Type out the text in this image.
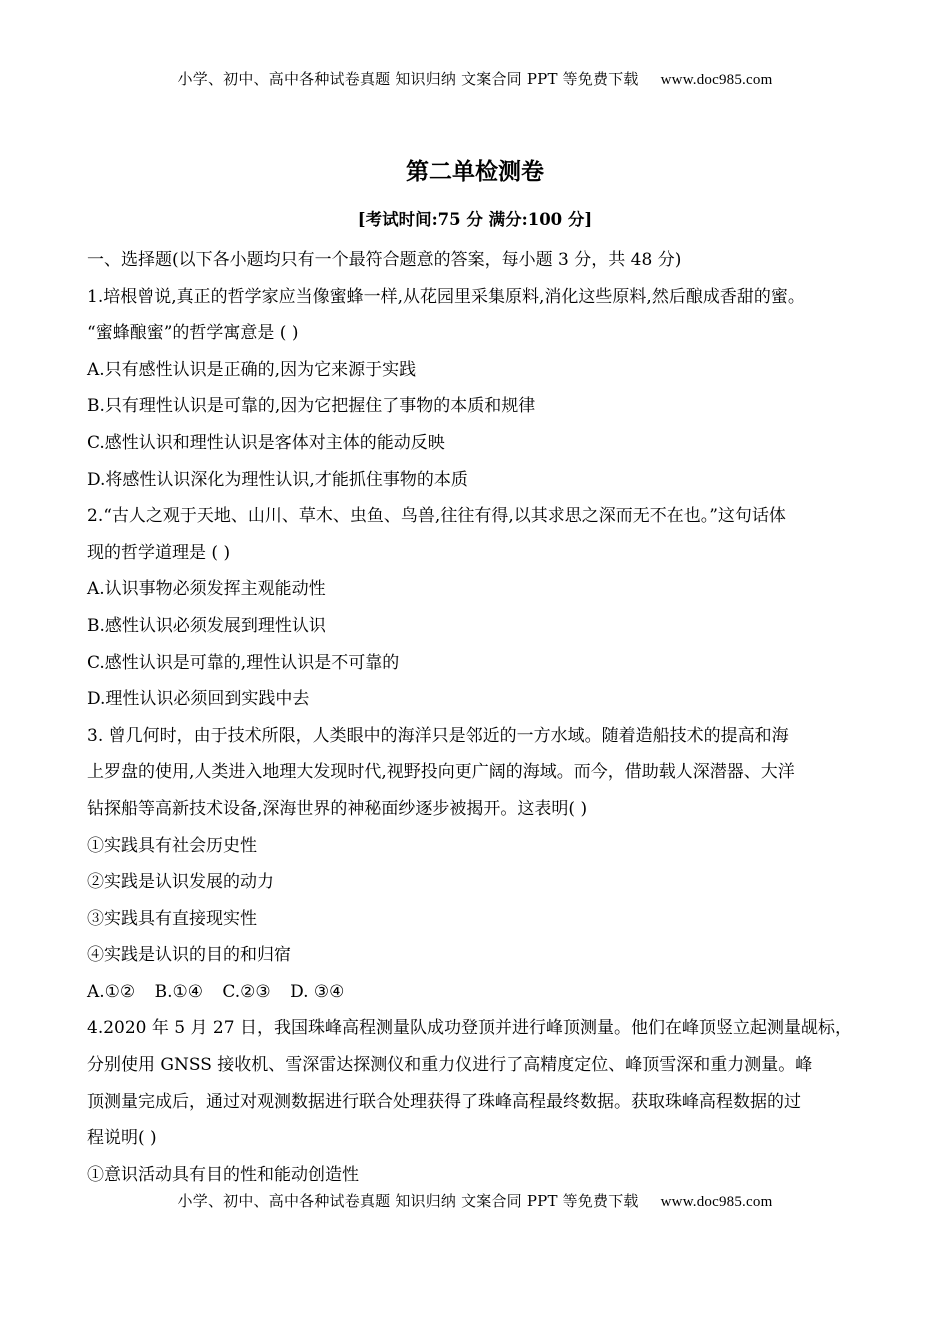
小学、初中、高中各种试卷真题 知识归纳 文案合同 PPT 等免费下载 www.doc985.com
第二单检测卷
[考试时间:75 分 满分:100 分]
一、选择题(以下各小题均只有一个最符合题意的答案，每小题 3 分，共 48 分)
1.培根曾说,真正的哲学家应当像蜜蜂一样,从花园里采集原料,消化这些原料,然后酿成香甜的蜜。
“蜜蜂酿蜜”的哲学寓意是 ( )
A.只有感性认识是正确的,因为它来源于实践
B.只有理性认识是可靠的,因为它把握住了事物的本质和规律
C.感性认识和理性认识是客体对主体的能动反映
D.将感性认识深化为理性认识,才能抓住事物的本质
2.“古人之观于天地、山川、草木、虫鱼、鸟兽,往往有得,以其求思之深而无不在也。”这句话体
现的哲学道理是 ( )
A.认识事物必须发挥主观能动性
B.感性认识必须发展到理性认识
C.感性认识是可靠的,理性认识是不可靠的
D.理性认识必须回到实践中去
3. 曾几何时，由于技术所限，人类眼中的海洋只是邻近的一方水域。随着造船技术的提高和海
上罗盘的使用,人类进入地理大发现时代,视野投向更广阔的海域。而今，借助载人深潜器、大洋
钻探船等高新技术设备,深海世界的神秘面纱逐步被揭开。这表明( )
①实践具有社会历史性
②实践是认识发展的动力
③实践具有直接现实性
④实践是认识的目的和归宿
A.①② B.①④ C.②③ D. ③④
4.2020 年 5 月 27 日，我国珠峰高程测量队成功登顶并进行峰顶测量。他们在峰顶竖立起测量觇标，
分别使用 GNSS 接收机、雪深雷达探测仪和重力仪进行了高精度定位、峰顶雪深和重力测量。峰
顶测量完成后，通过对观测数据进行联合处理获得了珠峰高程最终数据。获取珠峰高程数据的过
程说明( )
①意识活动具有目的性和能动创造性
小学、初中、高中各种试卷真题 知识归纳 文案合同 PPT 等免费下载 www.doc985.com
